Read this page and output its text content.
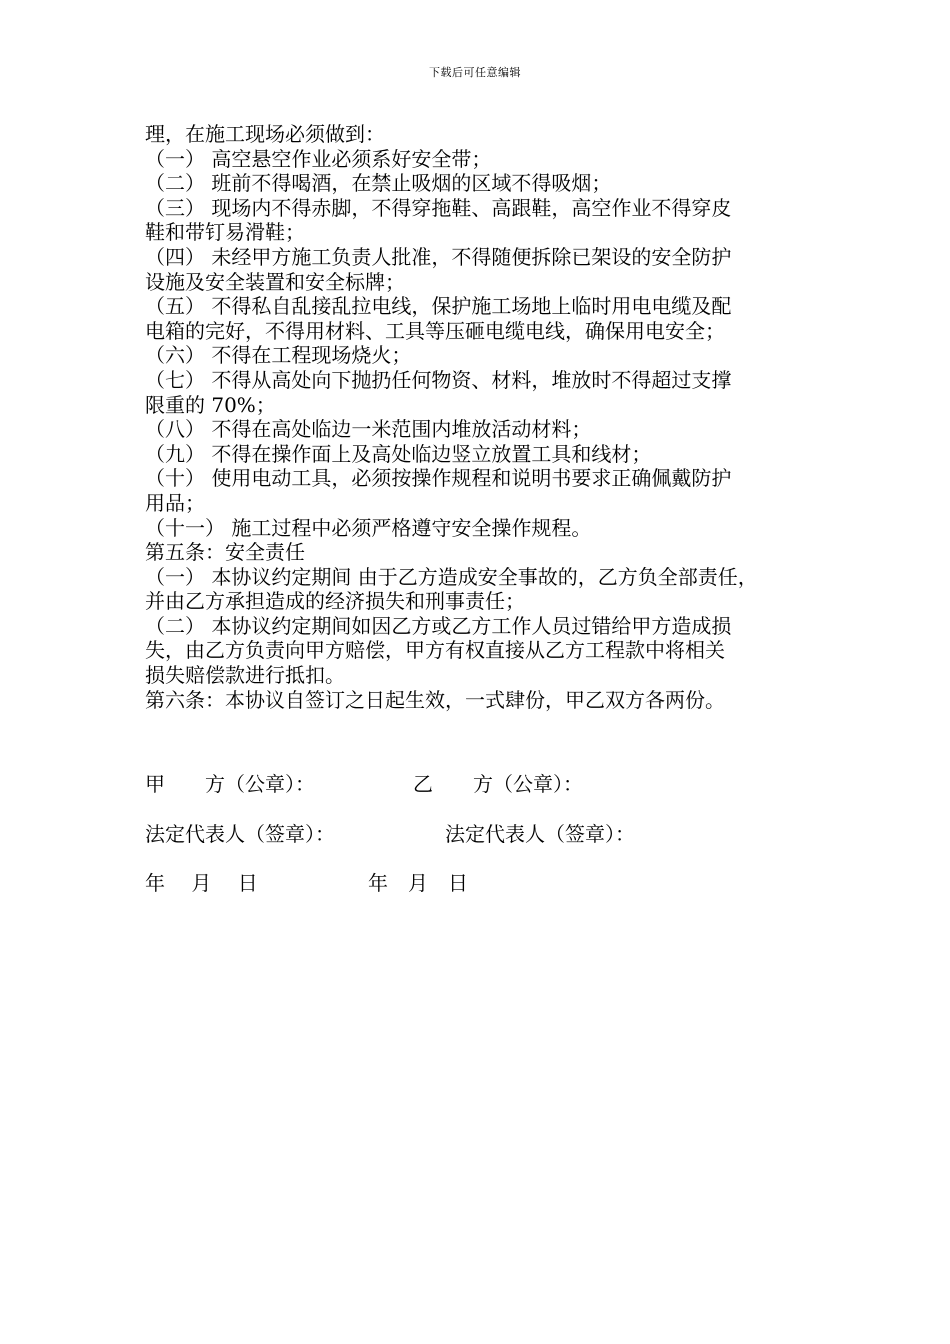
下载后可任意编辑
理，在施工现场必须做到：
（一） 高空悬空作业必须系好安全带；
（二） 班前不得喝酒，在禁止吸烟的区域不得吸烟；
（三） 现场内不得赤脚，不得穿拖鞋、高跟鞋，高空作业不得穿皮
鞋和带钉易滑鞋；
（四） 未经甲方施工负责人批准，不得随便拆除已架设的安全防护
设施及安全装置和安全标牌；
（五） 不得私自乱接乱拉电线，保护施工场地上临时用电电缆及配
电箱的完好，不得用材料、工具等压砸电缆电线，确保用电安全；
（六） 不得在工程现场烧火；
（七） 不得从高处向下抛扔任何物资、材料，堆放时不得超过支撑
限重的 70%；
（八） 不得在高处临边一米范围内堆放活动材料；
（九） 不得在操作面上及高处临边竖立放置工具和线材；
（十） 使用电动工具，必须按操作规程和说明书要求正确佩戴防护
用品；
（十一） 施工过程中必须严格遵守安全操作规程。
第五条：安全责任
（一） 本协议约定期间 由于乙方造成安全事故的，乙方负全部责任，
并由乙方承担造成的经济损失和刑事责任；
（二） 本协议约定期间如因乙方或乙方工作人员过错给甲方造成损
失，由乙方负责向甲方赔偿，甲方有权直接从乙方工程款中将相关
损失赔偿款进行抵扣。
第六条：本协议自签订之日起生效，一式肆份，甲乙双方各两份。
甲　　方（公章）：	乙　　方（公章）：
法定代表人（签章）：	法定代表人（签章）：
年　 月　 日	年　月　日
